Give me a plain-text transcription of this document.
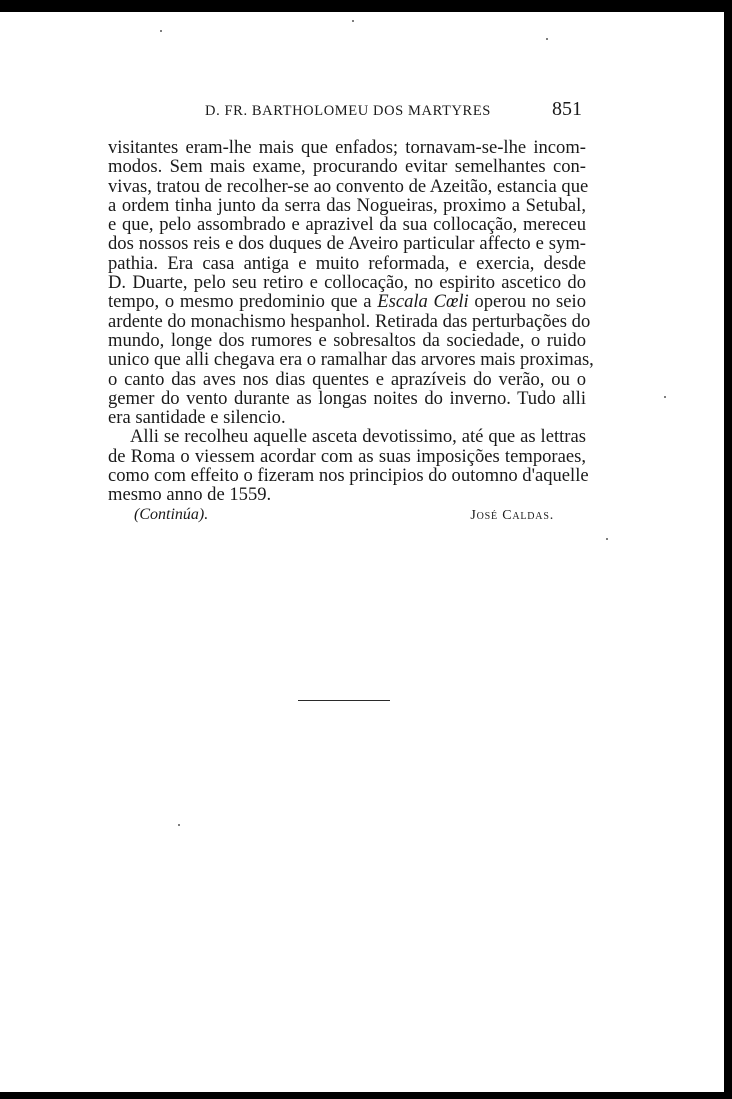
D. FR. BARTHOLOMEU DOS MARTYRES	851
visitantes eram-lhe mais que enfados; tornavam-se-lhe incom-
modos. Sem mais exame, procurando evitar semelhantes con-
vivas, tratou de recolher-se ao convento de Azeitão, estancia que
a ordem tinha junto da serra das Nogueiras, proximo a Setubal,
e que, pelo assombrado e aprazivel da sua collocação, mereceu
dos nossos reis e dos duques de Aveiro particular affecto e sym-
pathia. Era casa antiga e muito reformada, e exercia, desde
D. Duarte, pelo seu retiro e collocação, no espirito ascetico do
tempo, o mesmo predominio que a Escala Cœli operou no seio
ardente do monachismo hespanhol. Retirada das perturbações do
mundo, longe dos rumores e sobresaltos da sociedade, o ruido
unico que alli chegava era o ramalhar das arvores mais proximas,
o canto das aves nos dias quentes e aprazíveis do verão, ou o
gemer do vento durante as longas noites do inverno. Tudo alli
era santidade e silencio.
Alli se recolheu aquelle asceta devotissimo, até que as lettras
de Roma o viessem acordar com as suas imposições temporaes,
como com effeito o fizeram nos principios do outomno d'aquelle
mesmo anno de 1559.
(Continúa).	José Caldas.
